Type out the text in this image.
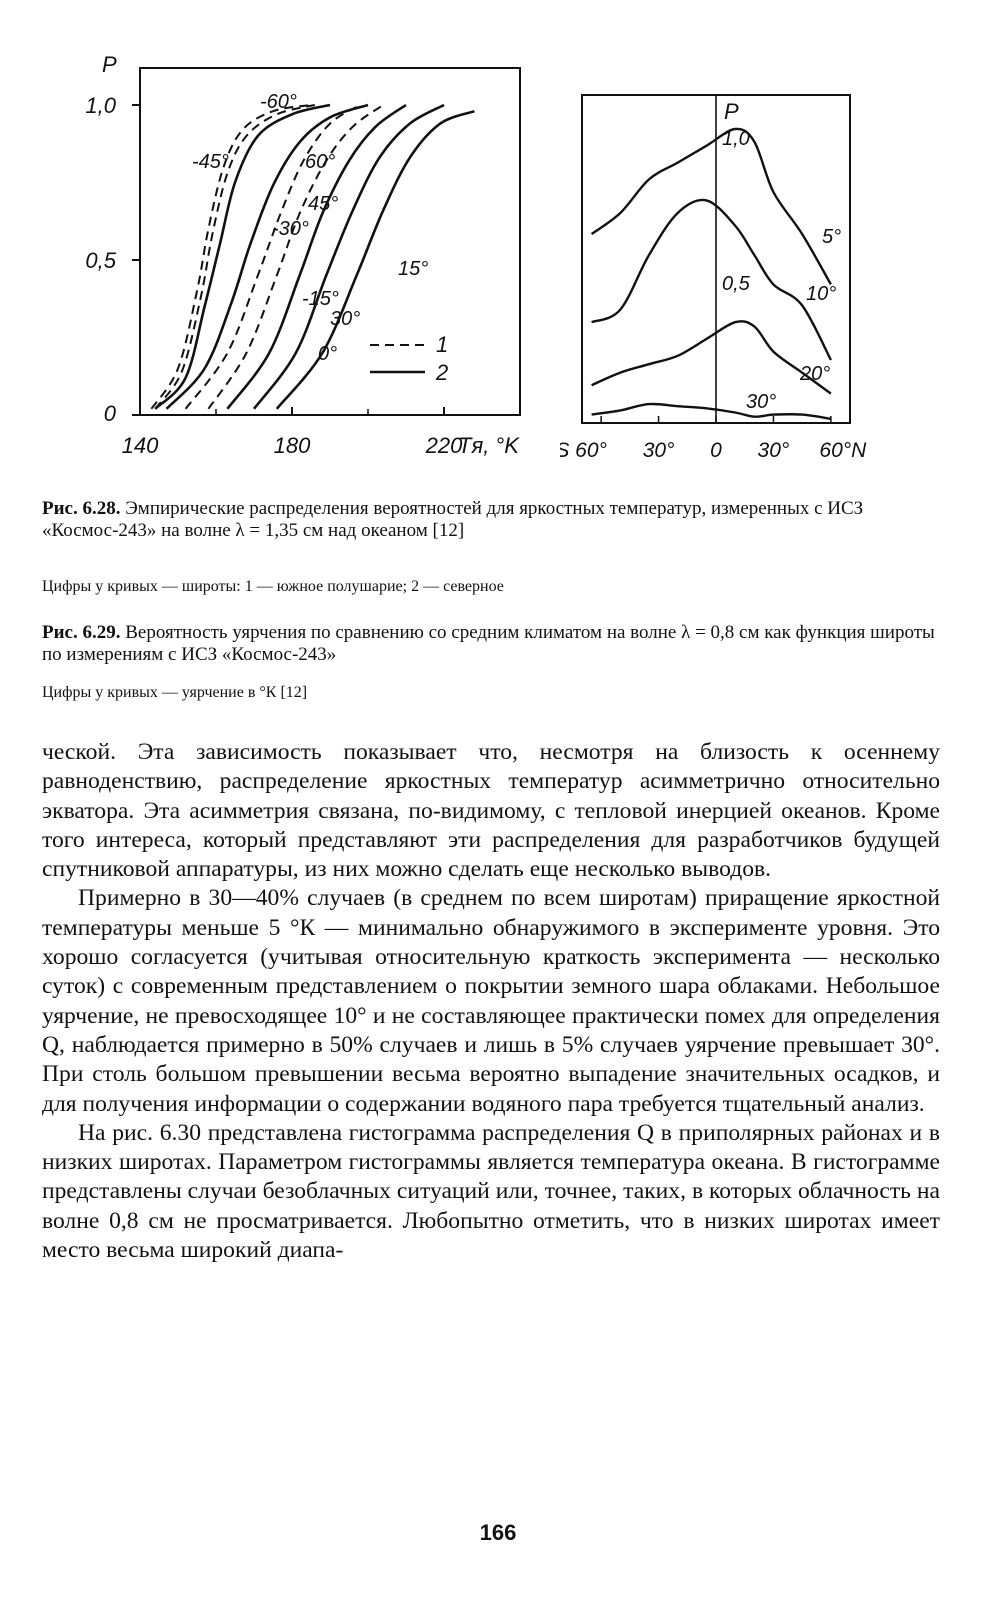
1,0
0,5
0
P
140	180	220
Tя, °K
-60°
-45°	60°
45°
-30°
-15°
30°
15°
0°	1
2
P
1,0
0,5
S 60° 30° 0 30° 60°N
5°
10°
20°
30°
Рис. 6.28. Эмпирические распределения вероятностей для яркостных температур, измеренных с ИСЗ «Космос-243» на волне λ = 1,35 см над океаном [12]
Цифры у кривых — широты: 1 — южное полушарие; 2 — северное
Рис. 6.29. Вероятность уярчения по сравнению со средним климатом на волне λ = 0,8 см как функция широты по измерениям с ИСЗ «Космос-243»
Цифры у кривых — уярчение в °К [12]

ческой. Эта зависимость показывает что, несмотря на близость к осеннему равноденствию, распределение яркостных температур асимметрично относительно экватора. Эта асимметрия связана, по-видимому, с тепловой инерцией океанов. Кроме того интереса, который представляют эти распределения для разработчиков будущей спутниковой аппаратуры, из них можно сделать еще несколько выводов.

Примерно в 30—40% случаев (в среднем по всем широтам) приращение яркостной температуры меньше 5 °К — минимально обнаружимого в эксперименте уровня. Это хорошо согласуется (учитывая относительную краткость эксперимента — несколько суток) с современным представлением о покрытии земного шара облаками. Небольшое уярчение, не превосходящее 10° и не составляющее практически помех для определения Q, наблюдается примерно в 50% случаев и лишь в 5% случаев уярчение превышает 30°. При столь большом превышении весьма вероятно выпадение значительных осадков, и для получения информации о содержании водяного пара требуется тщательный анализ.

На рис. 6.30 представлена гистограмма распределения Q в приполярных районах и в низких широтах. Параметром гистограммы является температура океана. В гистограмме представлены случаи безоблачных ситуаций или, точнее, таких, в которых облачность на волне 0,8 см не просматривается. Любопытно отметить, что в низких широтах имеет место весьма широкий диапа-

166
